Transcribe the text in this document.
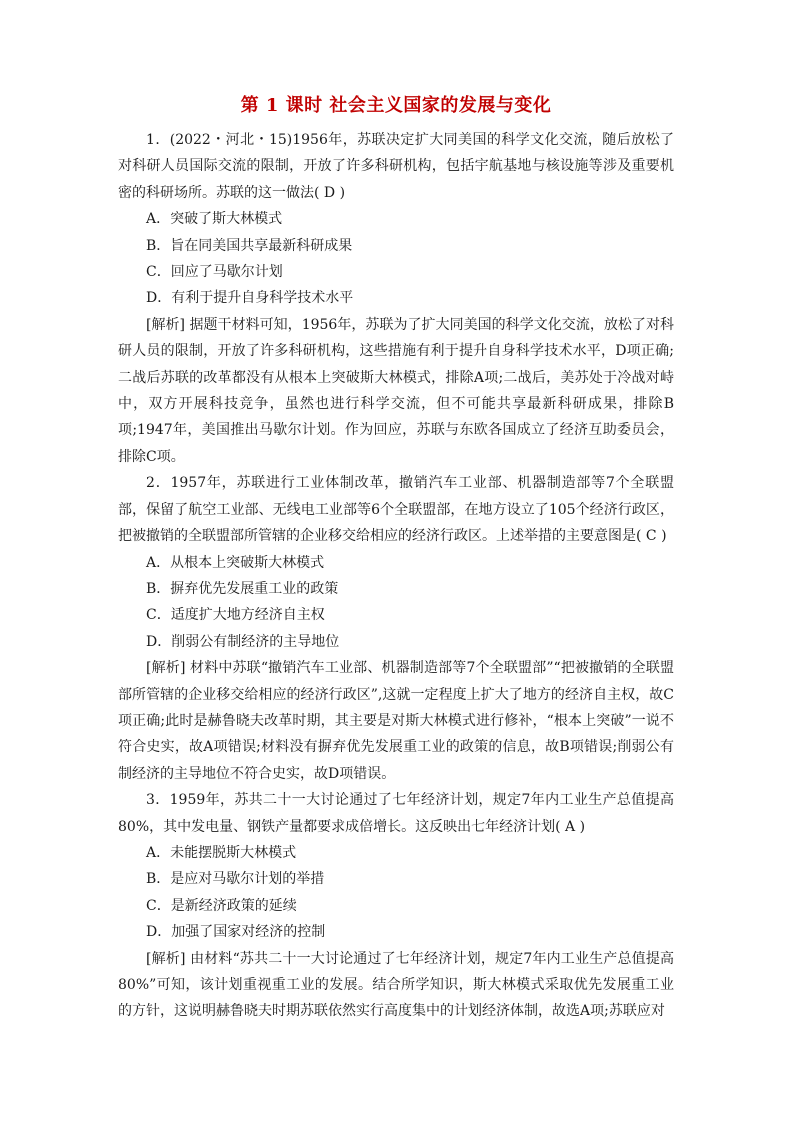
第 1 课时 社会主义国家的发展与变化

1．(2022・河北・15)1956年，苏联决定扩大同美国的科学文化交流，随后放松了对科研人员国际交流的限制，开放了许多科研机构，包括宇航基地与核设施等涉及重要机密的科研场所。苏联的这一做法( D )

A．突破了斯大林模式

B．旨在同美国共享最新科研成果

C．回应了马歇尔计划

D．有利于提升自身科学技术水平

[解析] 据题干材料可知，1956年，苏联为了扩大同美国的科学文化交流，放松了对科研人员的限制，开放了许多科研机构，这些措施有利于提升自身科学技术水平，D项正确;二战后苏联的改革都没有从根本上突破斯大林模式，排除A项;二战后，美苏处于冷战对峙中，双方开展科技竞争，虽然也进行科学交流，但不可能共享最新科研成果，排除B项;1947年，美国推出马歇尔计划。作为回应，苏联与东欧各国成立了经济互助委员会，排除C项。

2．1957年，苏联进行工业体制改革，撤销汽车工业部、机器制造部等7个全联盟部，保留了航空工业部、无线电工业部等6个全联盟部，在地方设立了105个经济行政区，把被撤销的全联盟部所管辖的企业移交给相应的经济行政区。上述举措的主要意图是( C )

A．从根本上突破斯大林模式

B．摒弃优先发展重工业的政策

C．适度扩大地方经济自主权

D．削弱公有制经济的主导地位

[解析] 材料中苏联“撤销汽车工业部、机器制造部等7个全联盟部”“把被撤销的全联盟部所管辖的企业移交给相应的经济行政区”,这就一定程度上扩大了地方的经济自主权，故C项正确;此时是赫鲁晓夫改革时期，其主要是对斯大林模式进行修补，“根本上突破”一说不符合史实，故A项错误;材料没有摒弃优先发展重工业的政策的信息，故B项错误;削弱公有制经济的主导地位不符合史实，故D项错误。

3．1959年，苏共二十一大讨论通过了七年经济计划，规定7年内工业生产总值提高80%，其中发电量、钢铁产量都要求成倍增长。这反映出七年经济计划( A )

A．未能摆脱斯大林模式

B．是应对马歇尔计划的举措

C．是新经济政策的延续

D．加强了国家对经济的控制

[解析] 由材料“苏共二十一大讨论通过了七年经济计划，规定7年内工业生产总值提高80%”可知，该计划重视重工业的发展。结合所学知识，斯大林模式采取优先发展重工业的方针，这说明赫鲁晓夫时期苏联依然实行高度集中的计划经济体制，故选A项;苏联应对
